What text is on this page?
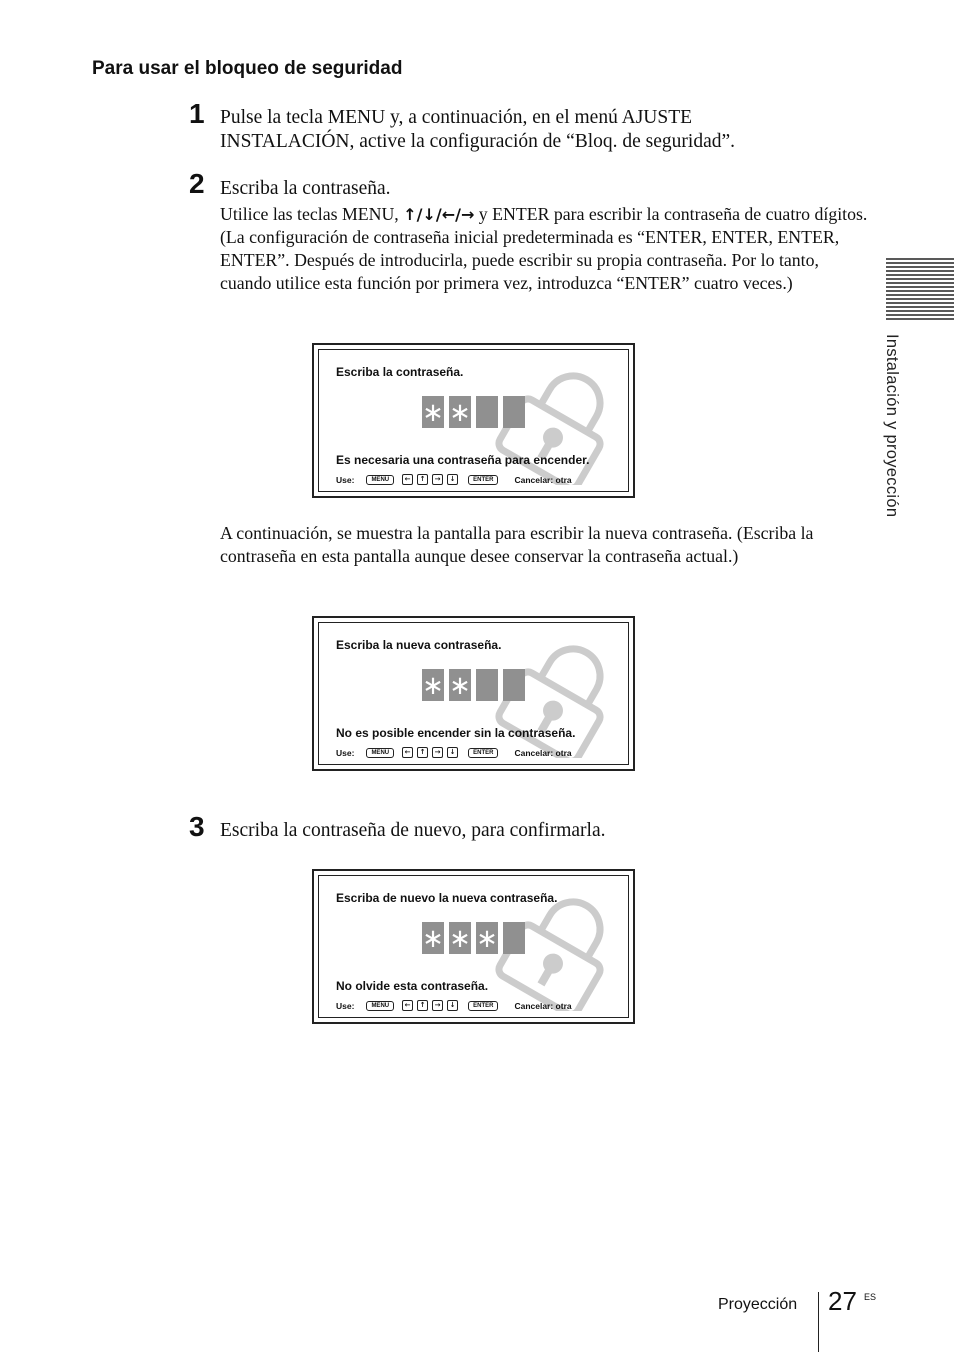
Para usar el bloqueo de seguridad
1 Pulse la tecla MENU y, a continuación, en el menú AJUSTE
INSTALACIÓN, active la configuración de “Bloq. de seguridad”.
2 Escriba la contraseña.
Utilice las teclas MENU, ↑/↓/←/→ y ENTER para escribir la contraseña de cuatro dígitos. (La configuración de contraseña inicial predeterminada es “ENTER, ENTER, ENTER, ENTER”. Después de introducirla, puede escribir su propia contraseña. Por lo tanto, cuando utilice esta función por primera vez, introduzca “ENTER” cuatro veces.)
Escriba la contraseña.
∗ ∗
Es necesaria una contraseña para encender.
Use:	MENU	←	↑	→	↓	ENTER	Cancelar: otra
A continuación, se muestra la pantalla para escribir la nueva contraseña. (Escriba la contraseña en esta pantalla aunque desee conservar la contraseña actual.)
Escriba la nueva contraseña.
∗ ∗
No es posible encender sin la contraseña.
Use:	MENU	←	↑	→	↓	ENTER	Cancelar: otra
3 Escriba la contraseña de nuevo, para confirmarla.
Escriba de nuevo la nueva contraseña.
∗ ∗ ∗
No olvide esta contraseña.
Use:	MENU	←	↑	→	↓	ENTER	Cancelar: otra
Instalación y proyección
Proyección 27 ES
